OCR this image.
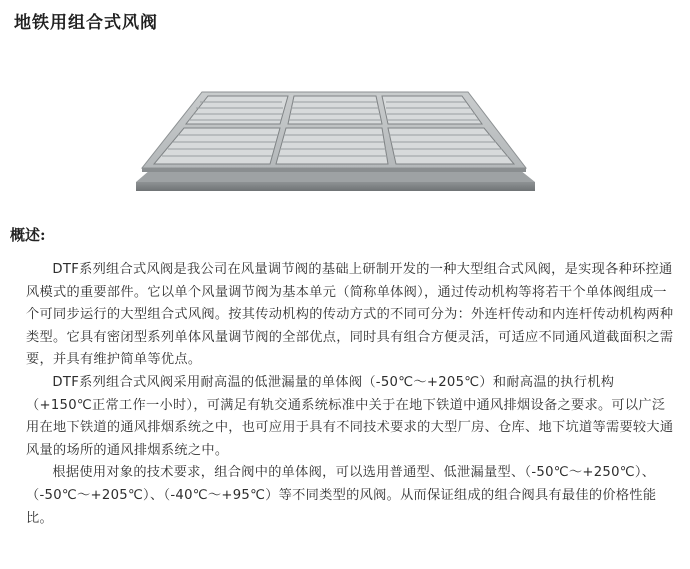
地铁用组合式风阀
概述:

DTF系列组合式风阀是我公司在风量调节阀的基础上研制开发的一种大型组合式风阀，是实现各种环控通风模式的重要部件。它以单个风量调节阀为基本单元（简称单体阀），通过传动机构等将若干个单体阀组成一个可同步运行的大型组合式风阀。按其传动机构的传动方式的不同可分为：外连杆传动和内连杆传动机构两种类型。它具有密闭型系列单体风量调节阀的全部优点，同时具有组合方便灵活，可适应不同通风道截面积之需要，并具有维护简单等优点。

DTF系列组合式风阀采用耐高温的低泄漏量的单体阀（-50℃～+205℃）和耐高温的执行机构（+150℃正常工作一小时），可满足有轨交通系统标准中关于在地下铁道中通风排烟设备之要求。可以广泛用在地下铁道的通风排烟系统之中，也可应用于具有不同技术要求的大型厂房、仓库、地下坑道等需要较大通风量的场所的通风排烟系统之中。

根据使用对象的技术要求，组合阀中的单体阀，可以选用普通型、低泄漏量型、（-50℃～+250℃）、（-50℃～+205℃）、（-40℃～+95℃）等不同类型的风阀。从而保证组成的组合阀具有最佳的价格性能比。
